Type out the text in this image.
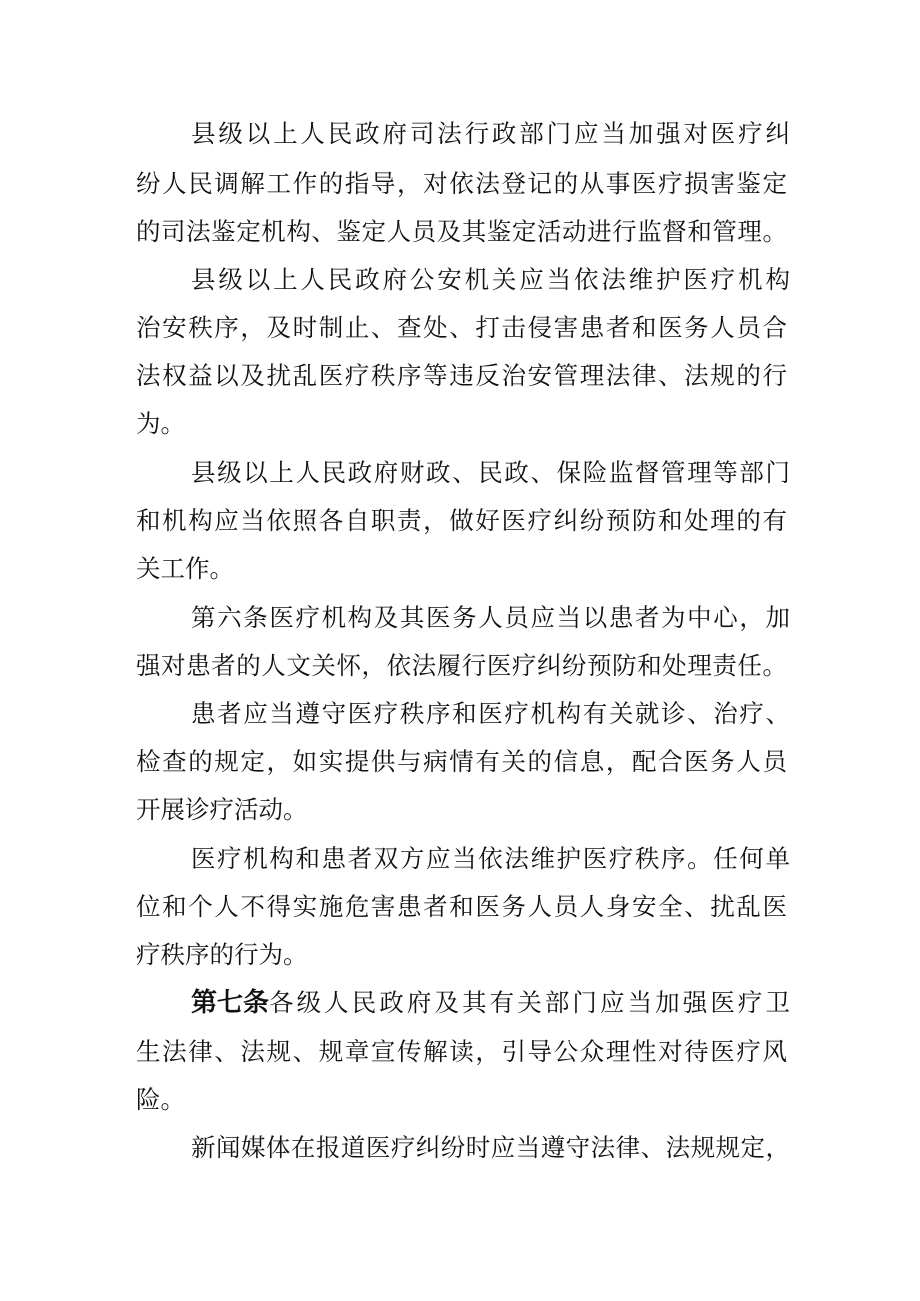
县级以上人民政府司法行政部门应当加强对医疗纠
纷人民调解工作的指导，对依法登记的从事医疗损害鉴定
的司法鉴定机构、鉴定人员及其鉴定活动进行监督和管理。
县级以上人民政府公安机关应当依法维护医疗机构
治安秩序，及时制止、查处、打击侵害患者和医务人员合
法权益以及扰乱医疗秩序等违反治安管理法律、法规的行
为。
县级以上人民政府财政、民政、保险监督管理等部门
和机构应当依照各自职责，做好医疗纠纷预防和处理的有
关工作。
第六条医疗机构及其医务人员应当以患者为中心，加
强对患者的人文关怀，依法履行医疗纠纷预防和处理责任。
患者应当遵守医疗秩序和医疗机构有关就诊、治疗、
检查的规定，如实提供与病情有关的信息，配合医务人员
开展诊疗活动。
医疗机构和患者双方应当依法维护医疗秩序。任何单
位和个人不得实施危害患者和医务人员人身安全、扰乱医
疗秩序的行为。
第七条 各级人民政府及其有关部门应当加强医疗卫
生法律、法规、规章宣传解读，引导公众理性对待医疗风
险。
新闻媒体在报道医疗纠纷时应当遵守法律、法规规定，
